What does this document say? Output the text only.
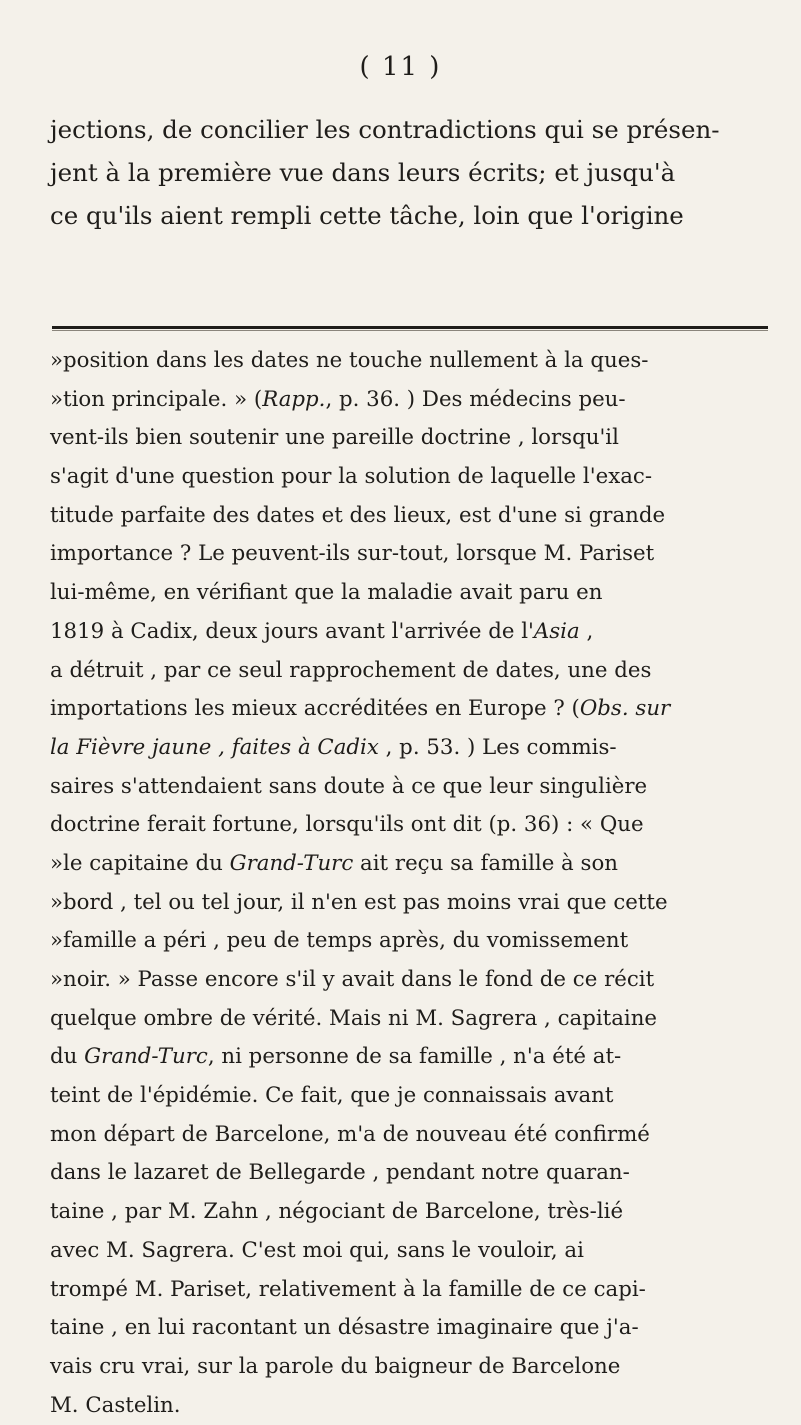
( 11 )
jections, de concilier les contradictions qui se présen-
jent à la première vue dans leurs écrits; et jusqu'à
ce qu'ils aient rempli cette tâche, loin que l'origine
»position dans les dates ne touche nullement à la ques-
»tion principale. » (Rapp., p. 36. ) Des médecins peu-
vent-ils bien soutenir une pareille doctrine , lorsqu'il
s'agit d'une question pour la solution de laquelle l'exac-
titude parfaite des dates et des lieux, est d'une si grande
importance ? Le peuvent-ils sur-tout, lorsque M. Pariset
lui-même, en vérifiant que la maladie avait paru en
1819 à Cadix, deux jours avant l'arrivée de l'Asia ,
a détruit , par ce seul rapprochement de dates, une des
importations les mieux accréditées en Europe ? (Obs. sur
la Fièvre jaune , faites à Cadix , p. 53. ) Les commis-
saires s'attendaient sans doute à ce que leur singulière
doctrine ferait fortune, lorsqu'ils ont dit (p. 36) : « Que
»le capitaine du Grand-Turc ait reçu sa famille à son
»bord , tel ou tel jour, il n'en est pas moins vrai que cette
»famille a péri , peu de temps après, du vomissement
»noir. » Passe encore s'il y avait dans le fond de ce récit
quelque ombre de vérité. Mais ni M. Sagrera , capitaine
du Grand-Turc, ni personne de sa famille , n'a été at-
teint de l'épidémie. Ce fait, que je connaissais avant
mon départ de Barcelone, m'a de nouveau été confirmé
dans le lazaret de Bellegarde , pendant notre quaran-
taine , par M. Zahn , négociant de Barcelone, très-lié
avec M. Sagrera. C'est moi qui, sans le vouloir, ai
trompé M. Pariset, relativement à la famille de ce capi-
taine , en lui racontant un désastre imaginaire que j'a-
vais cru vrai, sur la parole du baigneur de Barcelone
M. Castelin.
